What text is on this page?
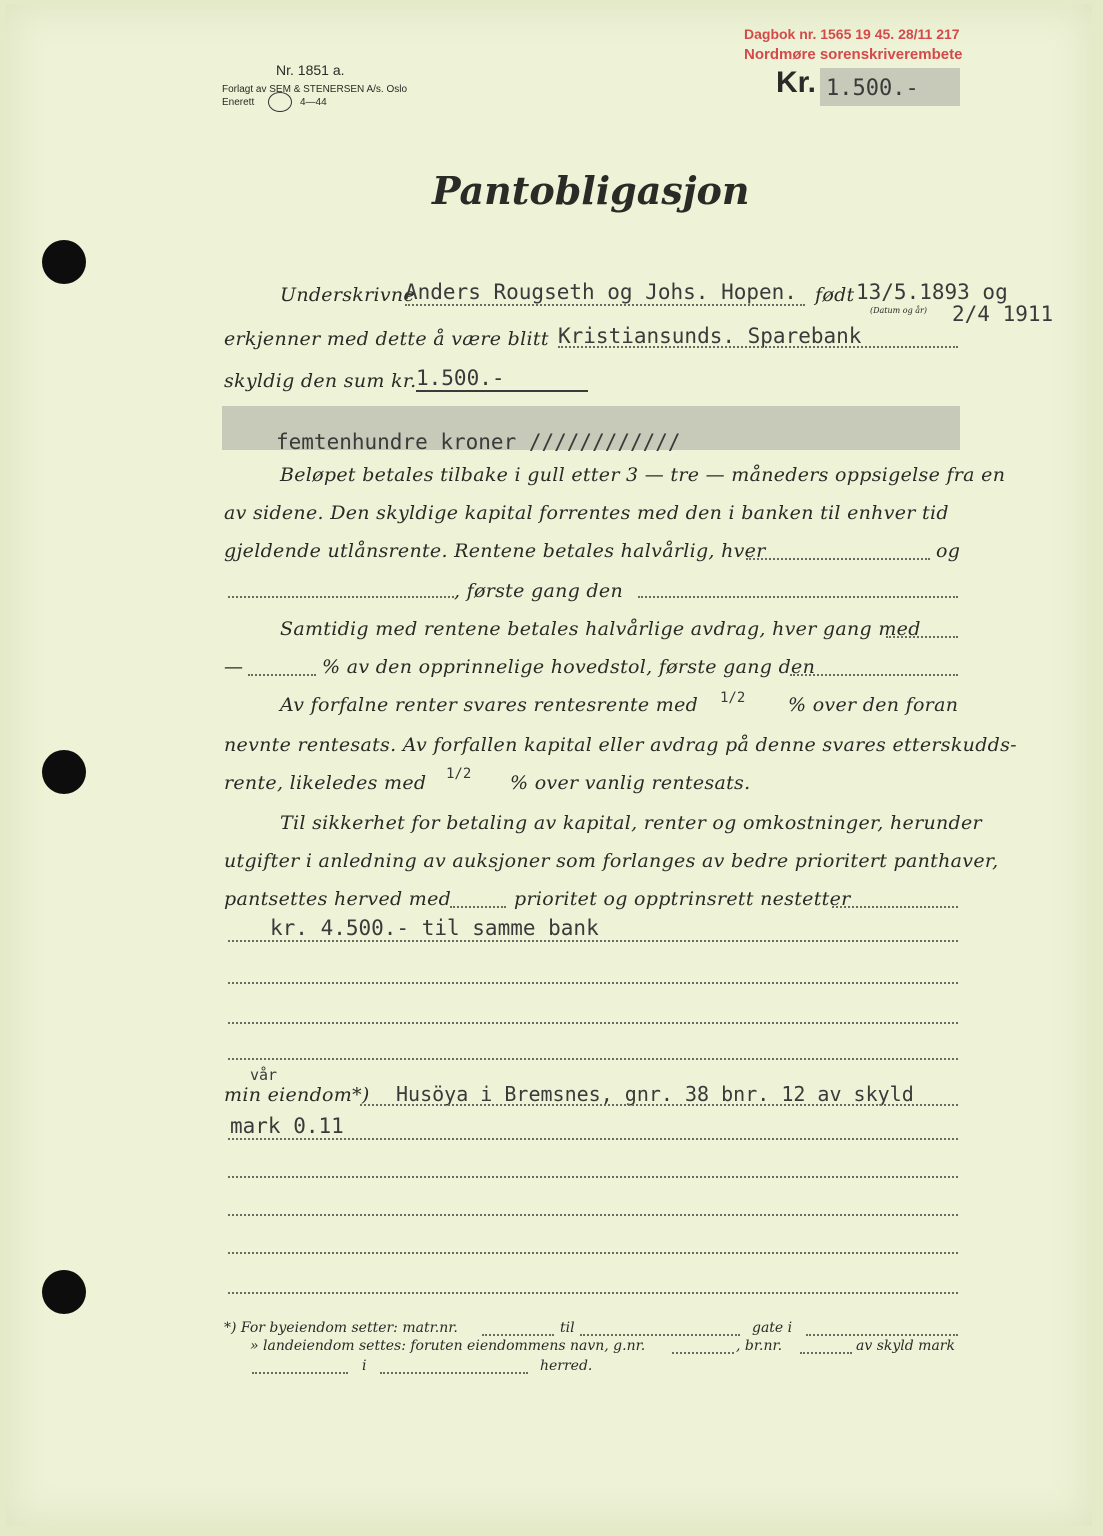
Nr. 1851 a.
Forlagt av SEM & STENERSEN A/s. Oslo
Enerett	4—44
Dagbok nr. 1565 19 45. 28/11 217
Nordmøre sorenskriverembete
Kr. 1.500.-
Pantobligasjon
Underskrivne
Anders Rougseth og Johs. Hopen. født 13/5.1893 og
(Datum og år) 2/4 1911
erkjenner med dette å være blitt Kristiansunds. Sparebank
skyldig den sum kr. 1.500.-
femtenhundre kroner ////////////
Beløpet betales tilbake i gull etter 3 — tre — måneders oppsigelse fra en
av sidene. Den skyldige kapital forrentes med den i banken til enhver tid
gjeldende utlånsrente. Rentene betales halvårlig, hver	og
, første gang den
Samtidig med rentene betales halvårlige avdrag, hver gang med
—	% av den opprinnelige hovedstol, første gang den
Av forfalne renter svares rentesrente med 1/2 % over den foran
nevnte rentesats. Av forfallen kapital eller avdrag på denne svares etterskudds-
rente, likeledes med 1/2 % over vanlig rentesats.
Til sikkerhet for betaling av kapital, renter og omkostninger, herunder
utgifter i anledning av auksjoner som forlanges av bedre prioritert panthaver,
pantsettes herved med	prioritet og opptrinsrett nestetter
kr. 4.500.- til samme bank
vår
min eiendom*) Husöya i Bremsnes, gnr. 38 bnr. 12 av skyld
mark 0.11
*) For byeiendom setter: matr.nr.	til	gate i
» landeiendom settes: foruten eiendommens navn, g.nr.	, br.nr.	av skyld mark
i	herred.
